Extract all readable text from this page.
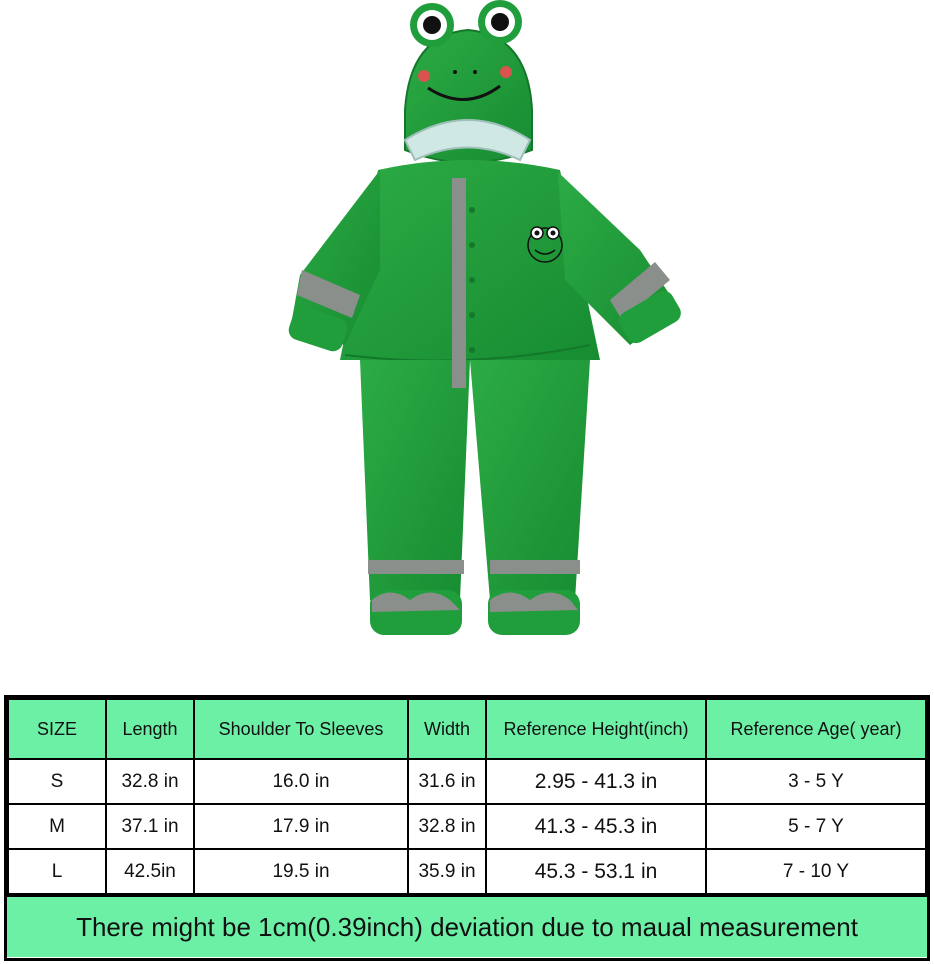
SIZE	Length	Shoulder To Sleeves	Width	Reference Height(inch)	Reference Age( year)
S	32.8 in	16.0 in	31.6 in	2.95 - 41.3 in	3 - 5 Y
M	37.1 in	17.9 in	32.8 in	41.3 - 45.3 in	5 - 7 Y
L	42.5in	19.5 in	35.9 in	45.3 - 53.1 in	7 - 10 Y
There might be 1cm(0.39inch) deviation due to maual measurement
